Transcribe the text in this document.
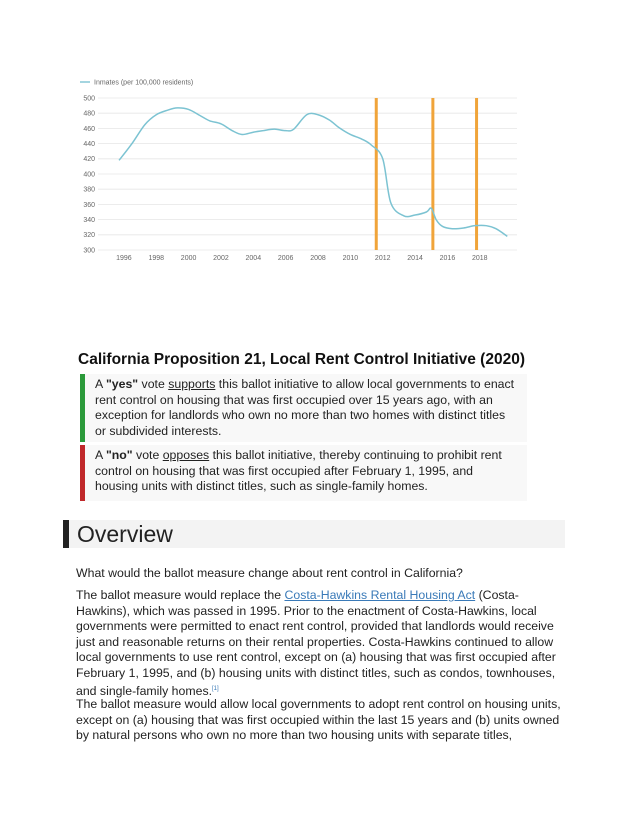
500
480
460
440
420
400
380
360
340
320
300
1996 1998 2000 2002 2004 2006 2008 2010 2012 2014 2016 2018
Inmates (per 100,000 residents)
California Proposition 21, Local Rent Control Initiative (2020)
A "yes" vote supports this ballot initiative to allow local governments to enact rent control on housing that was first occupied over 15 years ago, with an exception for landlords who own no more than two homes with distinct titles or subdivided interests.
A "no" vote opposes this ballot initiative, thereby continuing to prohibit rent control on housing that was first occupied after February 1, 1995, and housing units with distinct titles, such as single-family homes.
Overview
What would the ballot measure change about rent control in California?
The ballot measure would replace the Costa-Hawkins Rental Housing Act (Costa-Hawkins), which was passed in 1995. Prior to the enactment of Costa-Hawkins, local governments were permitted to enact rent control, provided that landlords would receive just and reasonable returns on their rental properties. Costa-Hawkins continued to allow local governments to use rent control, except on (a) housing that was first occupied after February 1, 1995, and (b) housing units with distinct titles, such as condos, townhouses, and single-family homes.[1]
The ballot measure would allow local governments to adopt rent control on housing units, except on (a) housing that was first occupied within the last 15 years and (b) units owned by natural persons who own no more than two housing units with separate titles,
